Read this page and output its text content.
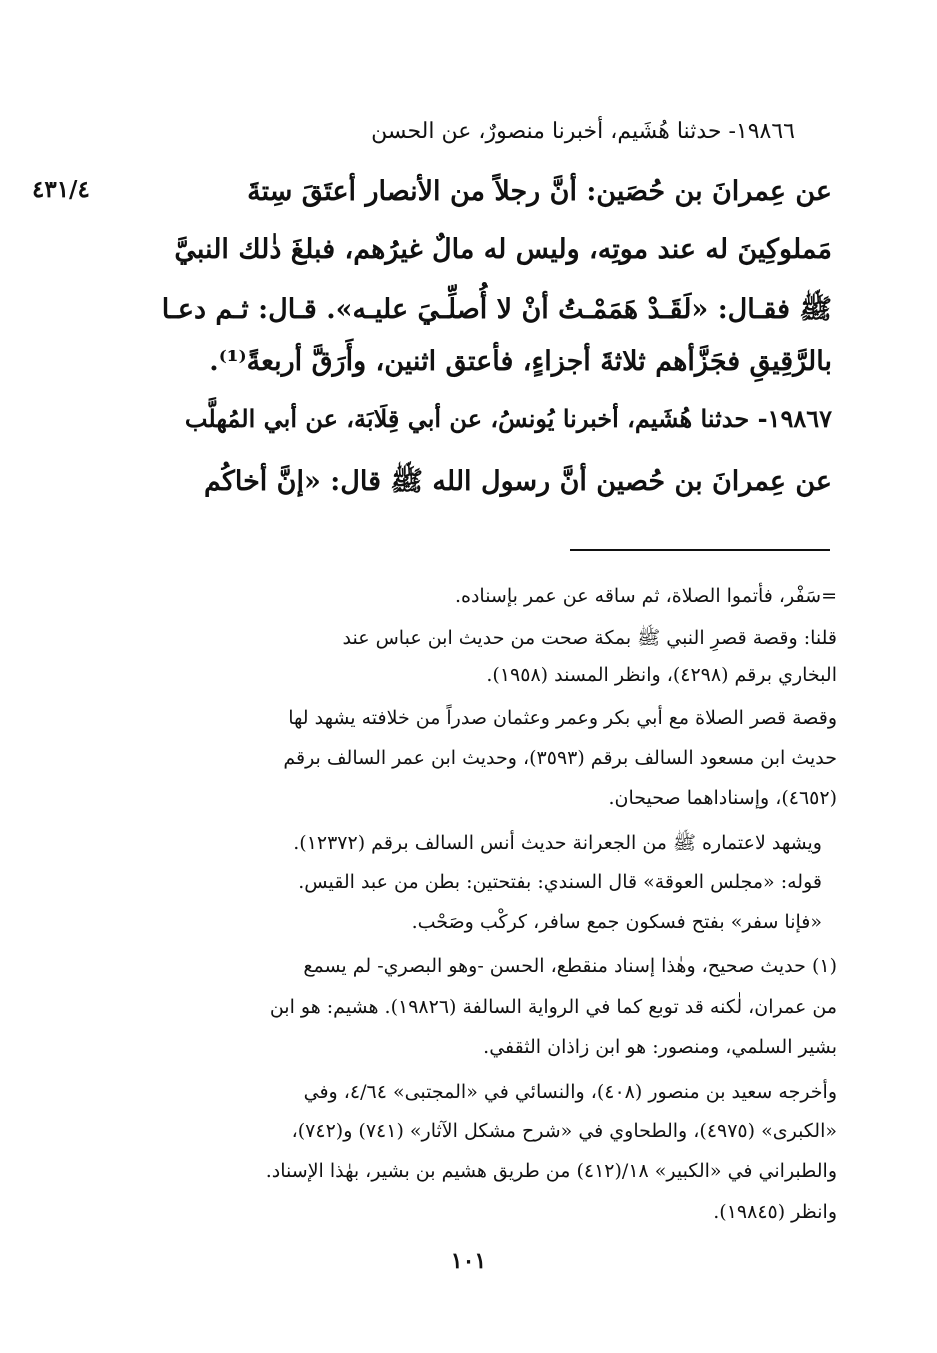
٤٣١/٤
١٩٨٦٦- حدثنا هُشَيم، أخبرنا منصورٌ، عن الحسن
عن عِمرانَ بن حُصَين: أنَّ رجلاً من الأنصار أعتَقَ سِتةَ
مَملوكِينَ له عند موتِه، وليس له مالٌ غيرُهم، فبلغَ ذٰلك النبيَّ
ﷺ فقـال: «لَقَـدْ هَمَمْـتُ أنْ لا أُصلِّـيَ عليـه». قـال: ثـم دعـا
بالرَّقِيقِ فجَزَّأهم ثلاثةَ أجزاءٍ، فأعتق اثنين، وأَرَقَّ أربعةً⁽¹⁾.
١٩٨٦٧- حدثنا هُشَيم، أخبرنا يُونسُ، عن أبي قِلَابَة، عن أبي المُهلَّب
عن عِمرانَ بن حُصين أنَّ رسول الله ﷺ قال: «إنَّ أخاكُم
=سَفْر، فأتموا الصلاة، ثم ساقه عن عمر بإسناده.
قلنا: وقصة قصرِ النبي ﷺ بمكة صحت من حديث ابن عباس عند
البخاري برقم (٤٢٩٨)، وانظر المسند (١٩٥٨).
وقصة قصر الصلاة مع أبي بكر وعمر وعثمان صدراً من خلافته يشهد لها
حديث ابن مسعود السالف برقم (٣٥٩٣)، وحديث ابن عمر السالف برقم
(٤٦٥٢)، وإسناداهما صحيحان.
ويشهد لاعتماره ﷺ من الجعرانة حديث أنس السالف برقم (١٢٣٧٢).
قوله: «مجلس العوقة» قال السندي: بفتحتين: بطن من عبد القيس.
«فإنا سفر» بفتح فسكون جمع سافر، كركْب وصَحْب.
(١) حديث صحيح، وهٰذا إسناد منقطع، الحسن -وهو البصري- لم يسمع
من عمران، لٰكنه قد توبع كما في الرواية السالفة (١٩٨٢٦). هشيم: هو ابن
بشير السلمي، ومنصور: هو ابن زاذان الثقفي.
وأخرجه سعيد بن منصور (٤٠٨)، والنسائي في «المجتبى» ٤/٦٤، وفي
«الكبرى» (٤٩٧٥)، والطحاوي في «شرح مشكل الآثار» (٧٤١) و(٧٤٢)،
والطبراني في «الكبير» ١٨/(٤١٢) من طريق هشيم بن بشير، بهٰذا الإسناد.
وانظر (١٩٨٤٥).
١٠١
